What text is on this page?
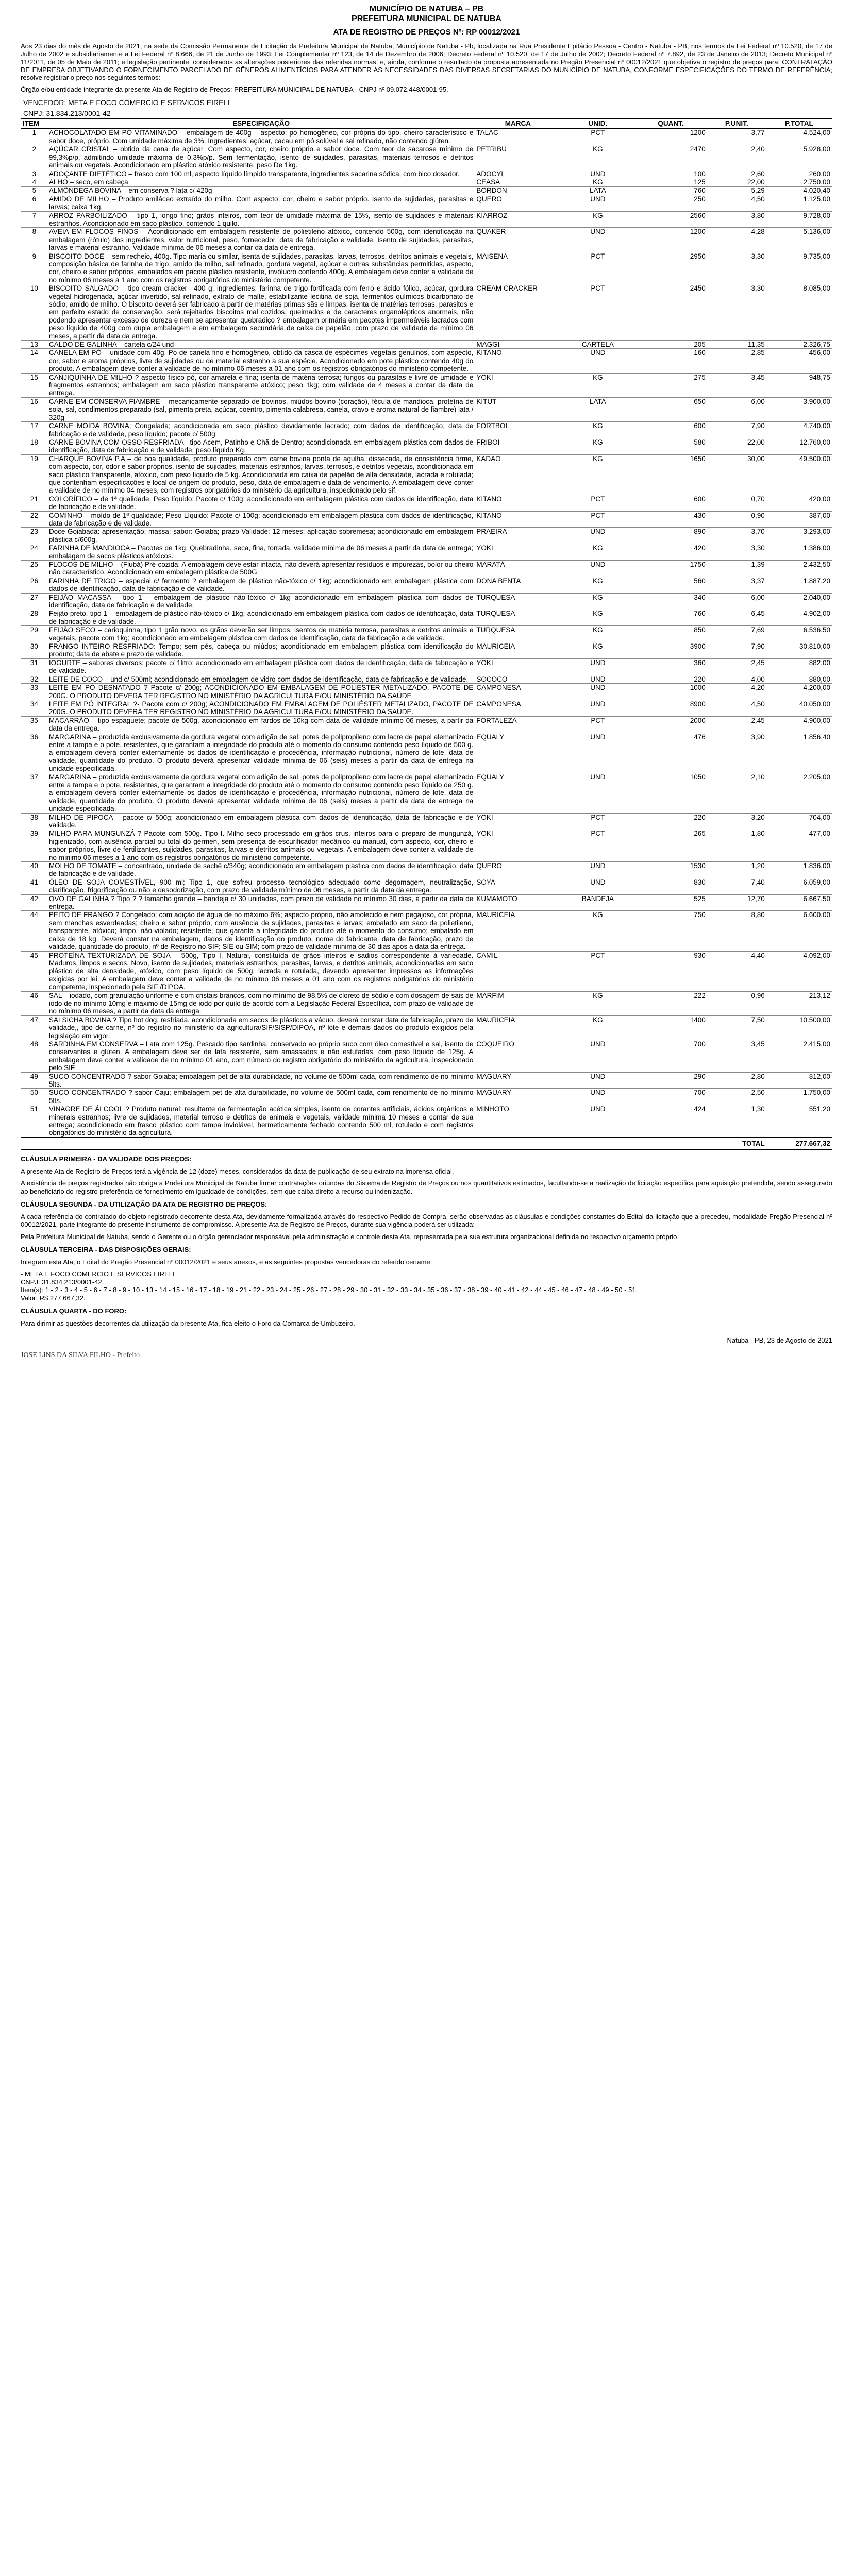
MUNICÍPIO DE NATUBA – PB
PREFEITURA MUNICIPAL DE NATUBA
ATA DE REGISTRO DE PREÇOS Nº: RP 00012/2021
Aos 23 dias do mês de Agosto de 2021, na sede da Comissão Permanente de Licitação da Prefeitura Municipal de Natuba, Município de Natuba - Pb, localizada na Rua Presidente Epitácio Pessoa - Centro - Natuba - PB, nos termos da Lei Federal nº 10.520, de 17 de Julho de 2002 e subsidiariamente a Lei Federal nº 8.666, de 21 de Junho de 1993; Lei Complementar nº 123, de 14 de Dezembro de 2006; Decreto Federal nº 10.520, de 17 de Julho de 2002; Decreto Federal nº 7.892, de 23 de Janeiro de 2013; Decreto Municipal nº 11/2011, de 05 de Maio de 2011; e legislação pertinente, considerados as alterações posteriores das referidas normas; e, ainda, conforme o resultado da proposta apresentada no Pregão Presencial nº 00012/2021 que objetiva o registro de preços para: CONTRATAÇÃO DE EMPRESA OBJETIVANDO O FORNECIMENTO PARCELADO DE GÊNEROS ALIMENTÍCIOS PARA ATENDER AS NECESSIDADES DAS DIVERSAS SECRETARIAS DO MUNICÍPIO DE NATUBA, CONFORME ESPECIFICAÇÕES DO TERMO DE REFERÊNCIA; resolve registrar o preço nos seguintes termos:
Órgão e/ou entidade integrante da presente Ata de Registro de Preços: PREFEITURA MUNICIPAL DE NATUBA - CNPJ nº 09.072.448/0001-95.
VENCEDOR: META E FOCO COMERCIO E SERVICOS EIRELI
CNPJ: 31.834.213/0001-42
ITEM	ESPECIFICAÇÃO	MARCA	UNID.	QUANT.	P.UNIT.	P.TOTAL
1	ACHOCOLATADO EM PÓ VITAMINADO – embalagem de 400g – aspecto: pó homogêneo, cor própria do tipo, cheiro característico e sabor doce, próprio. Com umidade máxima de 3%. Ingredientes: açúcar, cacau em pó solúvel e sal refinado, não contendo glúten.	TALAC	PCT	1200	3,77	4.524,00
2	AÇÚCAR CRISTAL – obtido da cana de açúcar. Com aspecto, cor, cheiro próprio e sabor doce. Com teor de sacarose mínimo de 99,3%p/p, admitindo umidade máxima de 0,3%p/p. Sem fermentação, isento de sujidades, parasitas, materiais terrosos e detritos animais ou vegetais. Acondicionado em plástico atóxico resistente, peso De 1kg.	PETRIBU	KG	2470	2,40	5.928,00
3	ADOÇANTE DIETÉTICO – frasco com 100 ml, aspecto líquido límpido transparente, ingredientes sacarina sódica, com bico dosador.	ADOCYL	UND	100	2,60	260,00
4	ALHO – seco, em cabeça	CEASA	KG	125	22,00	2.750,00
5	ALMÔNDEGA BOVINA – em conserva ? lata c/ 420g	BORDON	LATA	760	5,29	4.020,40
6	AMIDO DE MILHO – Produto amiláceo extraído do milho. Com aspecto, cor, cheiro e sabor próprio. Isento de sujidades, parasitas e larvas; caixa 1kg.	QUERO	UND	250	4,50	1.125,00
7	ARROZ PARBOILIZADO – tipo 1, longo fino; grãos inteiros, com teor de umidade máxima de 15%, isento de sujidades e materiais estranhos. Acondicionado em saco plástico, contendo 1 quilo.	KIARROZ	KG	2560	3,80	9.728,00
8	AVEIA EM FLOCOS FINOS – Acondicionado em embalagem resistente de polietileno atóxico, contendo 500g, com identificação na embalagem (rótulo) dos ingredientes, valor nutricional, peso, fornecedor, data de fabricação e validade. Isento de sujidades, parasitas, larvas e material estranho. Validade mínima de 06 meses a contar da data de entrega.	QUAKER	UND	1200	4,28	5.136,00
9	BISCOITO DOCE – sem recheio, 400g. Tipo maria ou similar, isenta de sujidades, parasitas, larvas, terrosos, detritos animais e vegetais, composição básica de farinha de trigo, amido de milho, sal refinado, gordura vegetal, açúcar e outras substâncias permitidas, aspecto, cor, cheiro e sabor próprios, embalados em pacote plástico resistente, invólucro contendo 400g. A embalagem deve conter a validade de no mínimo 06 meses a 1 ano com os registros obrigatórios do ministério competente.	MAISENA	PCT	2950	3,30	9.735,00
10	BISCOITO SALGADO – tipo cream cracker –400 g; ingredientes: farinha de trigo fortificada com ferro e ácido fólico, açúcar, gordura vegetal hidrogenada, açúcar invertido, sal refinado, extrato de malte, estabilizante lecitina de soja, fermentos químicos bicarbonato de sódio, amido de milho. O biscoito deverá ser fabricado a partir de matérias primas sãs e limpas, isenta de matérias terrosas, parasitos e em perfeito estado de conservação, será rejeitados biscoitos mal cozidos, queimados e de caracteres organolépticos anormais, não podendo apresentar excesso de dureza e nem se apresentar quebradiço ? embalagem primária em pacotes impermeáveis lacrados com peso líquido de 400g com dupla embalagem e em embalagem secundária de caixa de papelão, com prazo de validade de mínimo 06 meses, a partir da data da entrega.	CREAM CRACKER	PCT	2450	3,30	8.085,00
13	CALDO DE GALINHA – cartela c/24 und	MAGGI	CARTELA	205	11,35	2.326,75
14	CANELA EM PÓ – unidade com 40g. Pó de canela fino e homogêneo, obtido da casca de espécimes vegetais genuínos, com aspecto, cor, sabor e aroma próprios, livre de sujidades ou de material estranho a sua espécie. Acondicionado em pote plástico contendo 40g do produto. A embalagem deve conter a validade de no mínimo 06 meses a 01 ano com os registros obrigatórios do ministério competente.	KITANO	UND	160	2,85	456,00
15	CANJIQUINHA DE MILHO ? aspecto físico pó, cor amarela e fina; isenta de matéria terrosa; fungos ou parasitas e livre de umidade e fragmentos estranhos; embalagem em saco plástico transparente atóxico; peso 1kg; com validade de 4 meses a contar da data de entrega.	YOKI	KG	275	3,45	948,75
16	CARNE EM CONSERVA FIAMBRE – mecanicamente separado de bovinos, miúdos bovino (coração), fécula de mandioca, proteína de soja, sal, condimentos preparado (sal, pimenta preta, açúcar, coentro, pimenta calabresa, canela, cravo e aroma natural de fiambre) lata / 320g	KITUT	LATA	650	6,00	3.900,00
17	CARNE MOÍDA BOVINA; Congelada; acondicionada em saco plástico devidamente lacrado; com dados de identificação, data de fabricação e de validade, peso líquido; pacote c/ 500g.	FORTBOI	KG	600	7,90	4.740,00
18	CARNE BOVINA COM OSSO RESFRIADA– tipo Acem, Patinho e Chã de Dentro; acondicionada em embalagem plástica com dados de identificação, data de fabricação e de validade, peso líquido Kg.	FRIBOI	KG	580	22,00	12.760,00
19	CHARQUE BOVINA P.A – de boa qualidade, produto preparado com carne bovina ponta de agulha, dissecada, de consistência firme, com aspecto, cor, odor e sabor próprios, isento de sujidades, materiais estranhos, larvas, terrosos, e detritos vegetais, acondicionada em saco plástico transparente, atóxico, com peso líquido de 5 kg. Acondicionada em caixa de papelão de alta densidade, lacrada e rotulada; que contenham especificações e local de origem do produto, peso, data de embalagem e data de vencimento. A embalagem deve conter a validade de no mínimo 04 meses, com registros obrigatórios do ministério da agricultura, inspecionado pelo sif.	KADAO	KG	1650	30,00	49.500,00
21	COLORÍFICO – de 1ª qualidade, Peso líquido: Pacote c/ 100g; acondicionado em embalagem plástica com dados de identificação, data de fabricação e de validade.	KITANO	PCT	600	0,70	420,00
22	COMINHO – moído de 1ª qualidade; Peso Líquido: Pacote c/ 100g; acondicionado em embalagem plástica com dados de identificação, data de fabricação e de validade.	KITANO	PCT	430	0,90	387,00
23	Doce Goiabada: apresentação: massa; sabor: Goiaba; prazo Validade: 12 meses; aplicação sobremesa; acondicionado em embalagem plástica c/600g.	PRAEIRA	UND	890	3,70	3.293,00
24	FARINHA DE MANDIOCA – Pacotes de 1kg. Quebradinha, seca, fina, torrada, validade mínima de 06 meses a partir da data de entrega; embalagem de sacos plásticos atóxicos.	YOKI	KG	420	3,30	1.386,00
25	FLOCOS DE MILHO – (Flubá) Pré-cozida. A embalagem deve estar intacta, não deverá apresentar resíduos e impurezas, bolor ou cheiro não característico. Acondicionado em embalagem plástica de 500G	MARATÁ	UND	1750	1,39	2.432,50
26	FARINHA DE TRIGO – especial c/ fermento ? embalagem de plástico não-tóxico c/ 1kg; acondicionado em embalagem plástica com dados de identificação, data de fabricação e de validade.	DONA BENTA	KG	560	3,37	1.887,20
27	FEIJÃO MACASSA – tipo 1 – embalagem de plástico não-tóxico c/ 1kg acondicionado em embalagem plástica com dados de identificação, data de fabricação e de validade.	TURQUESA	KG	340	6,00	2.040,00
28	Feijão preto, tipo 1 – embalagem de plástico não-tóxico c/ 1kg; acondicionado em embalagem plástica com dados de identificação, data de fabricação e de validade.	TURQUESA	KG	760	6,45	4.902,00
29	FEIJÃO SECO – carioquinha, tipo 1 grão novo, os grãos deverão ser limpos, isentos de matéria terrosa, parasitas e detritos animais e vegetais, pacote com 1kg; acondicionado em embalagem plástica com dados de identificação, data de fabricação e de validade.	TURQUESA	KG	850	7,69	6.536,50
30	FRANGO INTEIRO RESFRIADO: Tempo; sem pés, cabeça ou miúdos; acondicionado em embalagem plástica com identificação do produto; data de abate e prazo de validade.	MAURICEIA	KG	3900	7,90	30.810,00
31	IOGURTE – sabores diversos; pacote c/ 1litro; acondicionado em embalagem plástica com dados de identificação, data de fabricação e de validade.	YOKI	UND	360	2,45	882,00
32	LEITE DE COCO – und c/ 500ml; acondicionado em embalagem de vidro com dados de identificação, data de fabricação e de validade.	SOCOCO	UND	220	4,00	880,00
33	LEITE EM PÓ DESNATADO ? Pacote c/ 200g; ACONDICIONADO EM EMBALAGEM DE POLIÉSTER METALIZADO, PACOTE DE 200G. O PRODUTO DEVERÁ TER REGISTRO NO MINISTÉRIO DA AGRICULTURA E/OU MINISTÉRIO DA SAÚDE	CAMPONESA	UND	1000	4,20	4.200,00
34	LEITE EM PÓ INTEGRAL ?- Pacote com c/ 200g; ACONDICIONADO EM EMBALAGEM DE POLIÉSTER METALIZADO, PACOTE DE 200G. O PRODUTO DEVERÁ TER REGISTRO NO MINISTÉRIO DA AGRICULTURA E/OU MINISTÉRIO DA SAÚDE.	CAMPONESA	UND	8900	4,50	40.050,00
35	MACARRÃO – tipo espaguete; pacote de 500g, acondicionado em fardos de 10kg com data de validade mínimo 06 meses, a partir da data da entrega.	FORTALEZA	PCT	2000	2,45	4.900,00
36	MARGARINA – produzida exclusivamente de gordura vegetal com adição de sal; potes de polipropileno com lacre de papel alemanizado entre a tampa e o pote, resistentes, que garantam a integridade do produto até o momento do consumo contendo peso líquido de 500 g. a embalagem deverá conter externamente os dados de identificação e procedência, informação nutricional, número de lote, data de validade, quantidade do produto. O produto deverá apresentar validade mínima de 06 (seis) meses a partir da data de entrega na unidade especificada.	EQUALY	UND	476	3,90	1.856,40
37	MARGARINA – produzida exclusivamente de gordura vegetal com adição de sal, potes de polipropileno com lacre de papel alemanizado entre a tampa e o pote, resistentes, que garantam a integridade do produto até o momento do consumo contendo peso líquido de 250 g. a embalagem deverá conter externamente os dados de identificação e procedência, informação nutricional, número de lote, data de validade, quantidade do produto. O produto deverá apresentar validade mínima de 06 (seis) meses a partir da data de entrega na unidade especificada.	EQUALY	UND	1050	2,10	2.205,00
38	MILHO DE PIPOCA – pacote c/ 500g; acondicionado em embalagem plástica com dados de identificação, data de fabricação e de validade.	YOKI	PCT	220	3,20	704,00
39	MILHO PARA MUNGUNZÁ ? Pacote com 500g. Tipo I. Milho seco processado em grãos crus, inteiros para o preparo de mungunzá, higienizado, com ausência parcial ou total do gérmen, sem presença de escurificador mecânico ou manual, com aspecto, cor, cheiro e sabor próprios, livre de fertilizantes, sujidades, parasitas, larvas e detritos animais ou vegetais. A embalagem deve conter a validade de no mínimo 06 meses a 1 ano com os registros obrigatórios do ministério competente.	YOKI	PCT	265	1,80	477,00
40	MOLHO DE TOMATE – concentrado, unidade de sachê c/340g; acondicionado em embalagem plástica com dados de identificação, data de fabricação e de validade.	QUERO	UND	1530	1,20	1.836,00
41	ÓLEO DE SOJA COMESTÍVEL, 900 ml; Tipo 1, que sofreu processo tecnológico adequado como degomagem, neutralização, clarificação, frigorificação ou não e desodorização, com prazo de validade mínimo de 06 meses, a partir da data da entrega.	SOYA	UND	830	7,40	6.059,00
42	OVO DE GALINHA ? Tipo ? ? tamanho grande – bandeja c/ 30 unidades, com prazo de validade no mínimo 30 dias, a partir da data de entrega.	KUMAMOTO	BANDEJA	525	12,70	6.667,50
44	PEITO DE FRANGO ? Congelado; com adição de água de no máximo 6%; aspecto próprio, não amolecido e nem pegajoso, cor própria, sem manchas esverdeadas; cheiro e sabor próprio, com ausência de sujidades, parasitas e larvas; embalado em saco de polietileno, transparente, atóxico; limpo, não-violado; resistente; que garanta a integridade do produto até o momento do consumo; embalado em caixa de 18 kg. Deverá constar na embalagem, dados de identificação do produto, nome do fabricante, data de fabricação, prazo de validade, quantidade do produto, nº de Registro no SIF; SIE ou SIM; com prazo de validade mínima de 30 dias após a data da entrega.	MAURICEIA	KG	750	8,80	6.600,00
45	PROTEÍNA TEXTURIZADA DE SOJA – 500g, Tipo I, Natural, constituída de grãos inteiros e sadios correspondente à variedade. Maduros, limpos e secos. Novo, isento de sujidades, materiais estranhos, parasitas, larvas, e detritos animais, acondicionadas em saco plástico de alta densidade, atóxico, com peso líquido de 500g, lacrada e rotulada, devendo apresentar impressos as informações exigidas por lei. A embalagem deve conter a validade de no mínimo 06 meses a 01 ano com os registros obrigatórios do ministério competente, inspecionado pela SIF /DIPOA.	CAMIL	PCT	930	4,40	4.092,00
46	SAL – iodado, com granulação uniforme e com cristais brancos, com no mínimo de 98,5% de cloreto de sódio e com dosagem de sais de iodo de no mínimo 10mg e máximo de 15mg de iodo por quilo de acordo com a Legislação Federal Específica, com prazo de validade de no mínimo 06 meses, a partir da data da entrega.	MARFIM	KG	222	0,96	213,12
47	SALSICHA BOVINA ? Tipo hot dog, resfriada, acondicionada em sacos de plásticos a vácuo, deverá constar data de fabricação, prazo de validade,, tipo de carne, nº do registro no ministério da agricultura/SIF/SISP/DIPOA, nº lote e demais dados do produto exigidos pela legislação em vigor.	MAURICEIA	KG	1400	7,50	10.500,00
48	SARDINHA EM CONSERVA – Lata com 125g. Pescado tipo sardinha, conservado ao próprio suco com óleo comestível e sal, isento de conservantes e glúten. A embalagem deve ser de lata resistente, sem amassados e não estufadas, com peso líquido de 125g. A embalagem deve conter a validade de no mínimo 01 ano, com número do registro obrigatório do ministério da agricultura, inspecionado pelo SIF.	COQUEIRO	UND	700	3,45	2.415,00
49	SUCO CONCENTRADO ? sabor Goiaba; embalagem pet de alta durabilidade, no volume de 500ml cada, com rendimento de no mínimo 5lts.	MAGUARY	UND	290	2,80	812,00
50	SUCO CONCENTRADO ? sabor Caju; embalagem pet de alta durabilidade, no volume de 500ml cada, com rendimento de no mínimo 5lts.	MAGUARY	UND	700	2,50	1.750,00
51	VINAGRE DE ÁLCOOL ? Produto natural; resultante da fermentação acética simples, isento de corantes artificiais, ácidos orgânicos e minerais estranhos; livre de sujidades, material terroso e detritos de animais e vegetais, validade mínima 10 meses a contar de sua entrega; acondicionado em frasco plástico com tampa inviolável, hermeticamente fechado contendo 500 ml, rotulado e com registros obrigatórios do ministério da agricultura.	MINHOTO	UND	424	1,30	551,20
					TOTAL	277.667,32
CLÁUSULA PRIMEIRA - DA VALIDADE DOS PREÇOS:

A presente Ata de Registro de Preços terá a vigência de 12 (doze) meses, considerados da data de publicação de seu extrato na imprensa oficial.

A existência de preços registrados não obriga a Prefeitura Municipal de Natuba firmar contratações oriundas do Sistema de Registro de Preços ou nos quantitativos estimados, facultando-se a realização de licitação específica para aquisição pretendida, sendo assegurado ao beneficiário do registro preferência de fornecimento em igualdade de condições, sem que caiba direito a recurso ou indenização.

CLÁUSULA SEGUNDA - DA UTILIZAÇÃO DA ATA DE REGISTRO DE PREÇOS:

A cada referência do contratado do objeto registrado decorrente desta Ata, devidamente formalizada através do respectivo Pedido de Compra, serão observadas as cláusulas e condições constantes do Edital da licitação que a precedeu, modalidade Pregão Presencial nº 00012/2021, parte integrante do presente instrumento de compromisso. A presente Ata de Registro de Preços, durante sua vigência poderá ser utilizada:

Pela Prefeitura Municipal de Natuba, sendo o Gerente ou o órgão gerenciador responsável pela administração e controle desta Ata, representada pela sua estrutura organizacional definida no respectivo orçamento próprio.

CLÁUSULA TERCEIRA - DAS DISPOSIÇÕES GERAIS:

Integram esta Ata, o Edital do Pregão Presencial nº 00012/2021 e seus anexos, e as seguintes propostas vencedoras do referido certame:

- META E FOCO COMERCIO E SERVICOS EIRELI
CNPJ: 31.834.213/0001-42.
Item(s): 1 - 2 - 3 - 4 - 5 - 6 - 7 - 8 - 9 - 10 - 13 - 14 - 15 - 16 - 17 - 18 - 19 - 21 - 22 - 23 - 24 - 25 - 26 - 27 - 28 - 29 - 30 - 31 - 32 - 33 - 34 - 35 - 36 - 37 - 38 - 39 - 40 - 41 - 42 - 44 - 45 - 46 - 47 - 48 - 49 - 50 - 51.
Valor: R$ 277.667,32.

CLÁUSULA QUARTA - DO FORO:

Para dirimir as questões decorrentes da utilização da presente Ata, fica eleito o Foro da Comarca de Umbuzeiro.

Natuba - PB, 23 de Agosto de 2021
JOSE LINS DA SILVA FILHO - Prefeito
